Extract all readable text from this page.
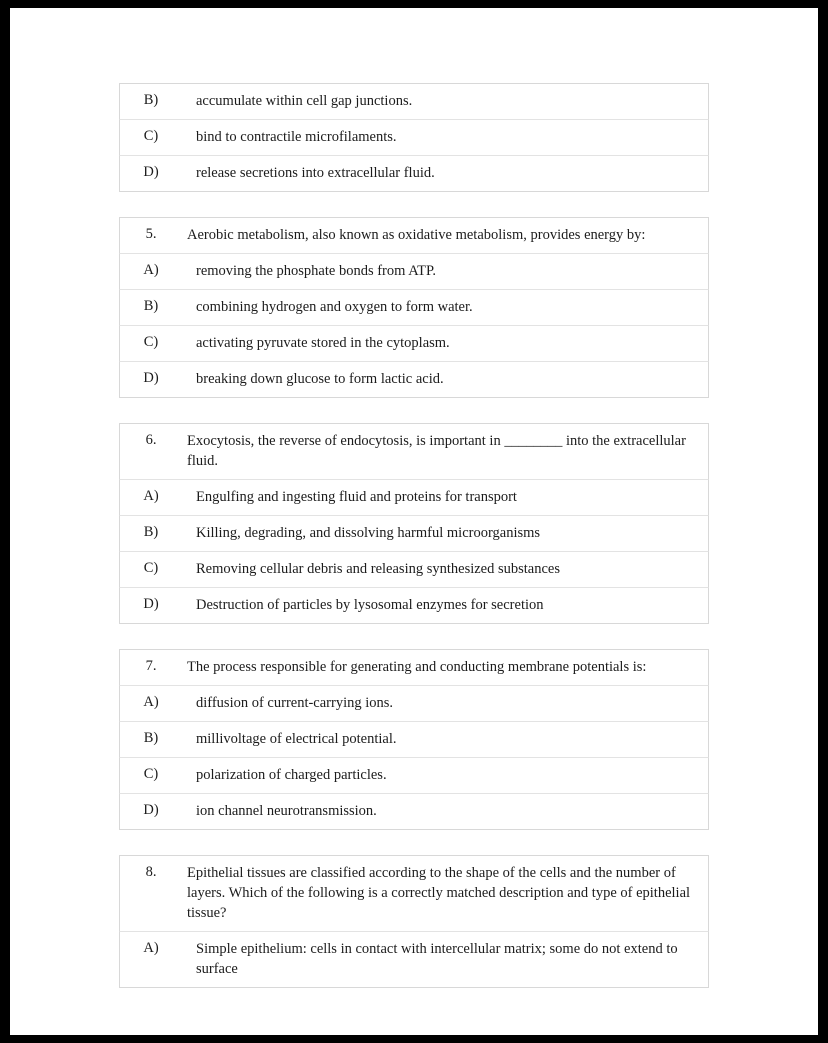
B)	accumulate within cell gap junctions.
C)	bind to contractile microfilaments.
D)	release secretions into extracellular fluid.
5.	Aerobic metabolism, also known as oxidative metabolism, provides energy by:
A)	removing the phosphate bonds from ATP.
B)	combining hydrogen and oxygen to form water.
C)	activating pyruvate stored in the cytoplasm.
D)	breaking down glucose to form lactic acid.
6.	Exocytosis, the reverse of endocytosis, is important in ________ into the extracellular fluid.
A)	Engulfing and ingesting fluid and proteins for transport
B)	Killing, degrading, and dissolving harmful microorganisms
C)	Removing cellular debris and releasing synthesized substances
D)	Destruction of particles by lysosomal enzymes for secretion
7.	The process responsible for generating and conducting membrane potentials is:
A)	diffusion of current-carrying ions.
B)	millivoltage of electrical potential.
C)	polarization of charged particles.
D)	ion channel neurotransmission.
8.	Epithelial tissues are classified according to the shape of the cells and the number of layers. Which of the following is a correctly matched description and type of epithelial tissue?
A)	Simple epithelium: cells in contact with intercellular matrix; some do not extend to surface
